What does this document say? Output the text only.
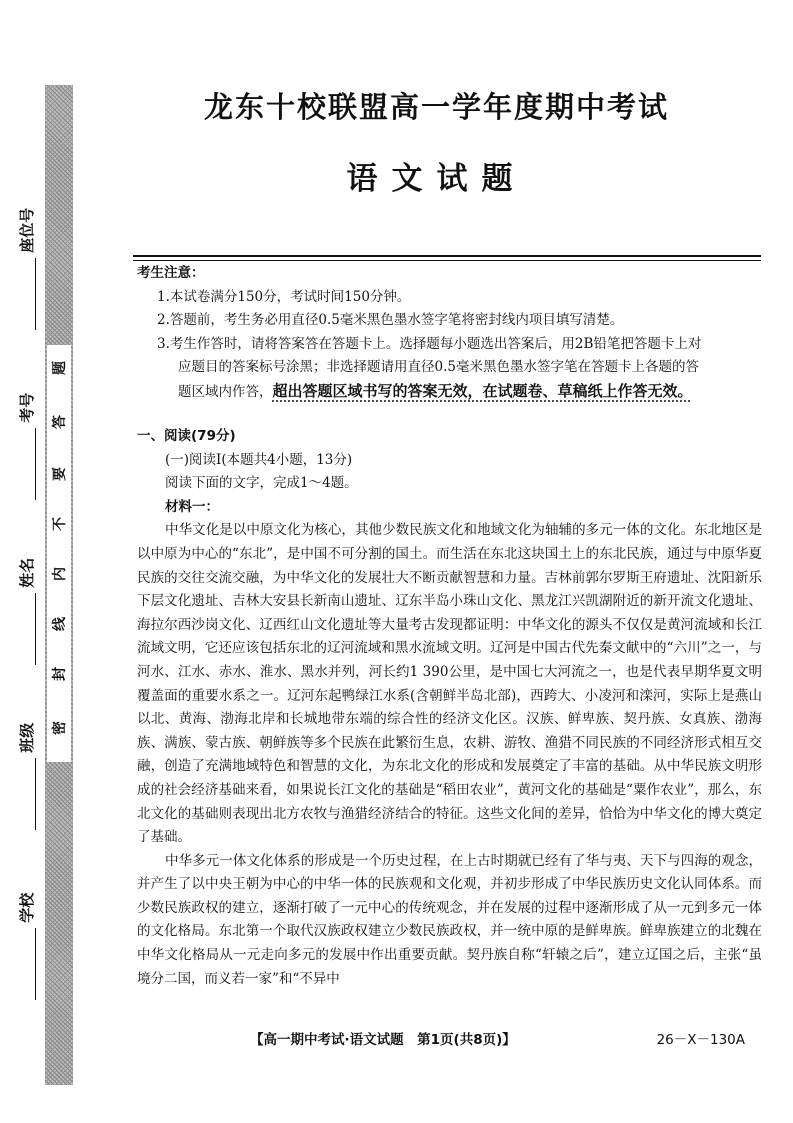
题
答
要
不
内
线
封
密
座位号
考号
姓名
班级
学校
龙东十校联盟高一学年度期中考试
语文试题
考生注意：
1.本试卷满分150分，考试时间150分钟。
2.答题前，考生务必用直径0.5毫米黑色墨水签字笔将密封线内项目填写清楚。
3.考生作答时，请将答案答在答题卡上。选择题每小题选出答案后，用2B铅笔把答题卡上对
应题目的答案标号涂黑；非选择题请用直径0.5毫米黑色墨水签字笔在答题卡上各题的答
题区域内作答，超出答题区域书写的答案无效，在试题卷、草稿纸上作答无效。
一、阅读(79分)
(一)阅读Ⅰ(本题共4小题，13分)
阅读下面的文字，完成1～4题。
材料一：
中华文化是以中原文化为核心，其他少数民族文化和地域文化为轴辅的多元一体的文化。东北地区是以中原为中心的“东北”，是中国不可分割的国土。而生活在东北这块国土上的东北民族，通过与中原华夏民族的交往交流交融，为中华文化的发展壮大不断贡献智慧和力量。吉林前郭尔罗斯王府遗址、沈阳新乐下层文化遗址、吉林大安县长新南山遗址、辽东半岛小珠山文化、黑龙江兴凯湖附近的新开流文化遗址、海拉尔西沙岗文化、辽西红山文化遗址等大量考古发现都证明：中华文化的源头不仅仅是黄河流域和长江流域文明，它还应该包括东北的辽河流域和黑水流域文明。辽河是中国古代先秦文献中的“六川”之一，与河水、江水、赤水、淮水、黑水并列，河长约1 390公里，是中国七大河流之一，也是代表早期华夏文明覆盖面的重要水系之一。辽河东起鸭绿江水系(含朝鲜半岛北部)，西跨大、小凌河和滦河，实际上是燕山以北、黄海、渤海北岸和长城地带东端的综合性的经济文化区。汉族、鲜卑族、契丹族、女真族、渤海族、满族、蒙古族、朝鲜族等多个民族在此繁衍生息，农耕、游牧、渔猎不同民族的不同经济形式相互交融，创造了充满地域特色和智慧的文化，为东北文化的形成和发展奠定了丰富的基础。从中华民族文明形成的社会经济基础来看，如果说长江文化的基础是“稻田农业”，黄河文化的基础是“粟作农业”，那么，东北文化的基础则表现出北方农牧与渔猎经济结合的特征。这些文化间的差异，恰恰为中华文化的博大奠定了基础。
中华多元一体文化体系的形成是一个历史过程，在上古时期就已经有了华与夷、天下与四海的观念，并产生了以中央王朝为中心的中华一体的民族观和文化观，并初步形成了中华民族历史文化认同体系。而少数民族政权的建立，逐渐打破了一元中心的传统观念，并在发展的过程中逐渐形成了从一元到多元一体的文化格局。东北第一个取代汉族政权建立少数民族政权，并一统中原的是鲜卑族。鲜卑族建立的北魏在中华文化格局从一元走向多元的发展中作出重要贡献。契丹族自称“轩辕之后”，建立辽国之后，主张“虽境分二国，而义若一家”和“不异中
【高一期中考试·语文试题　第1页(共8页)】	26－X－130A
